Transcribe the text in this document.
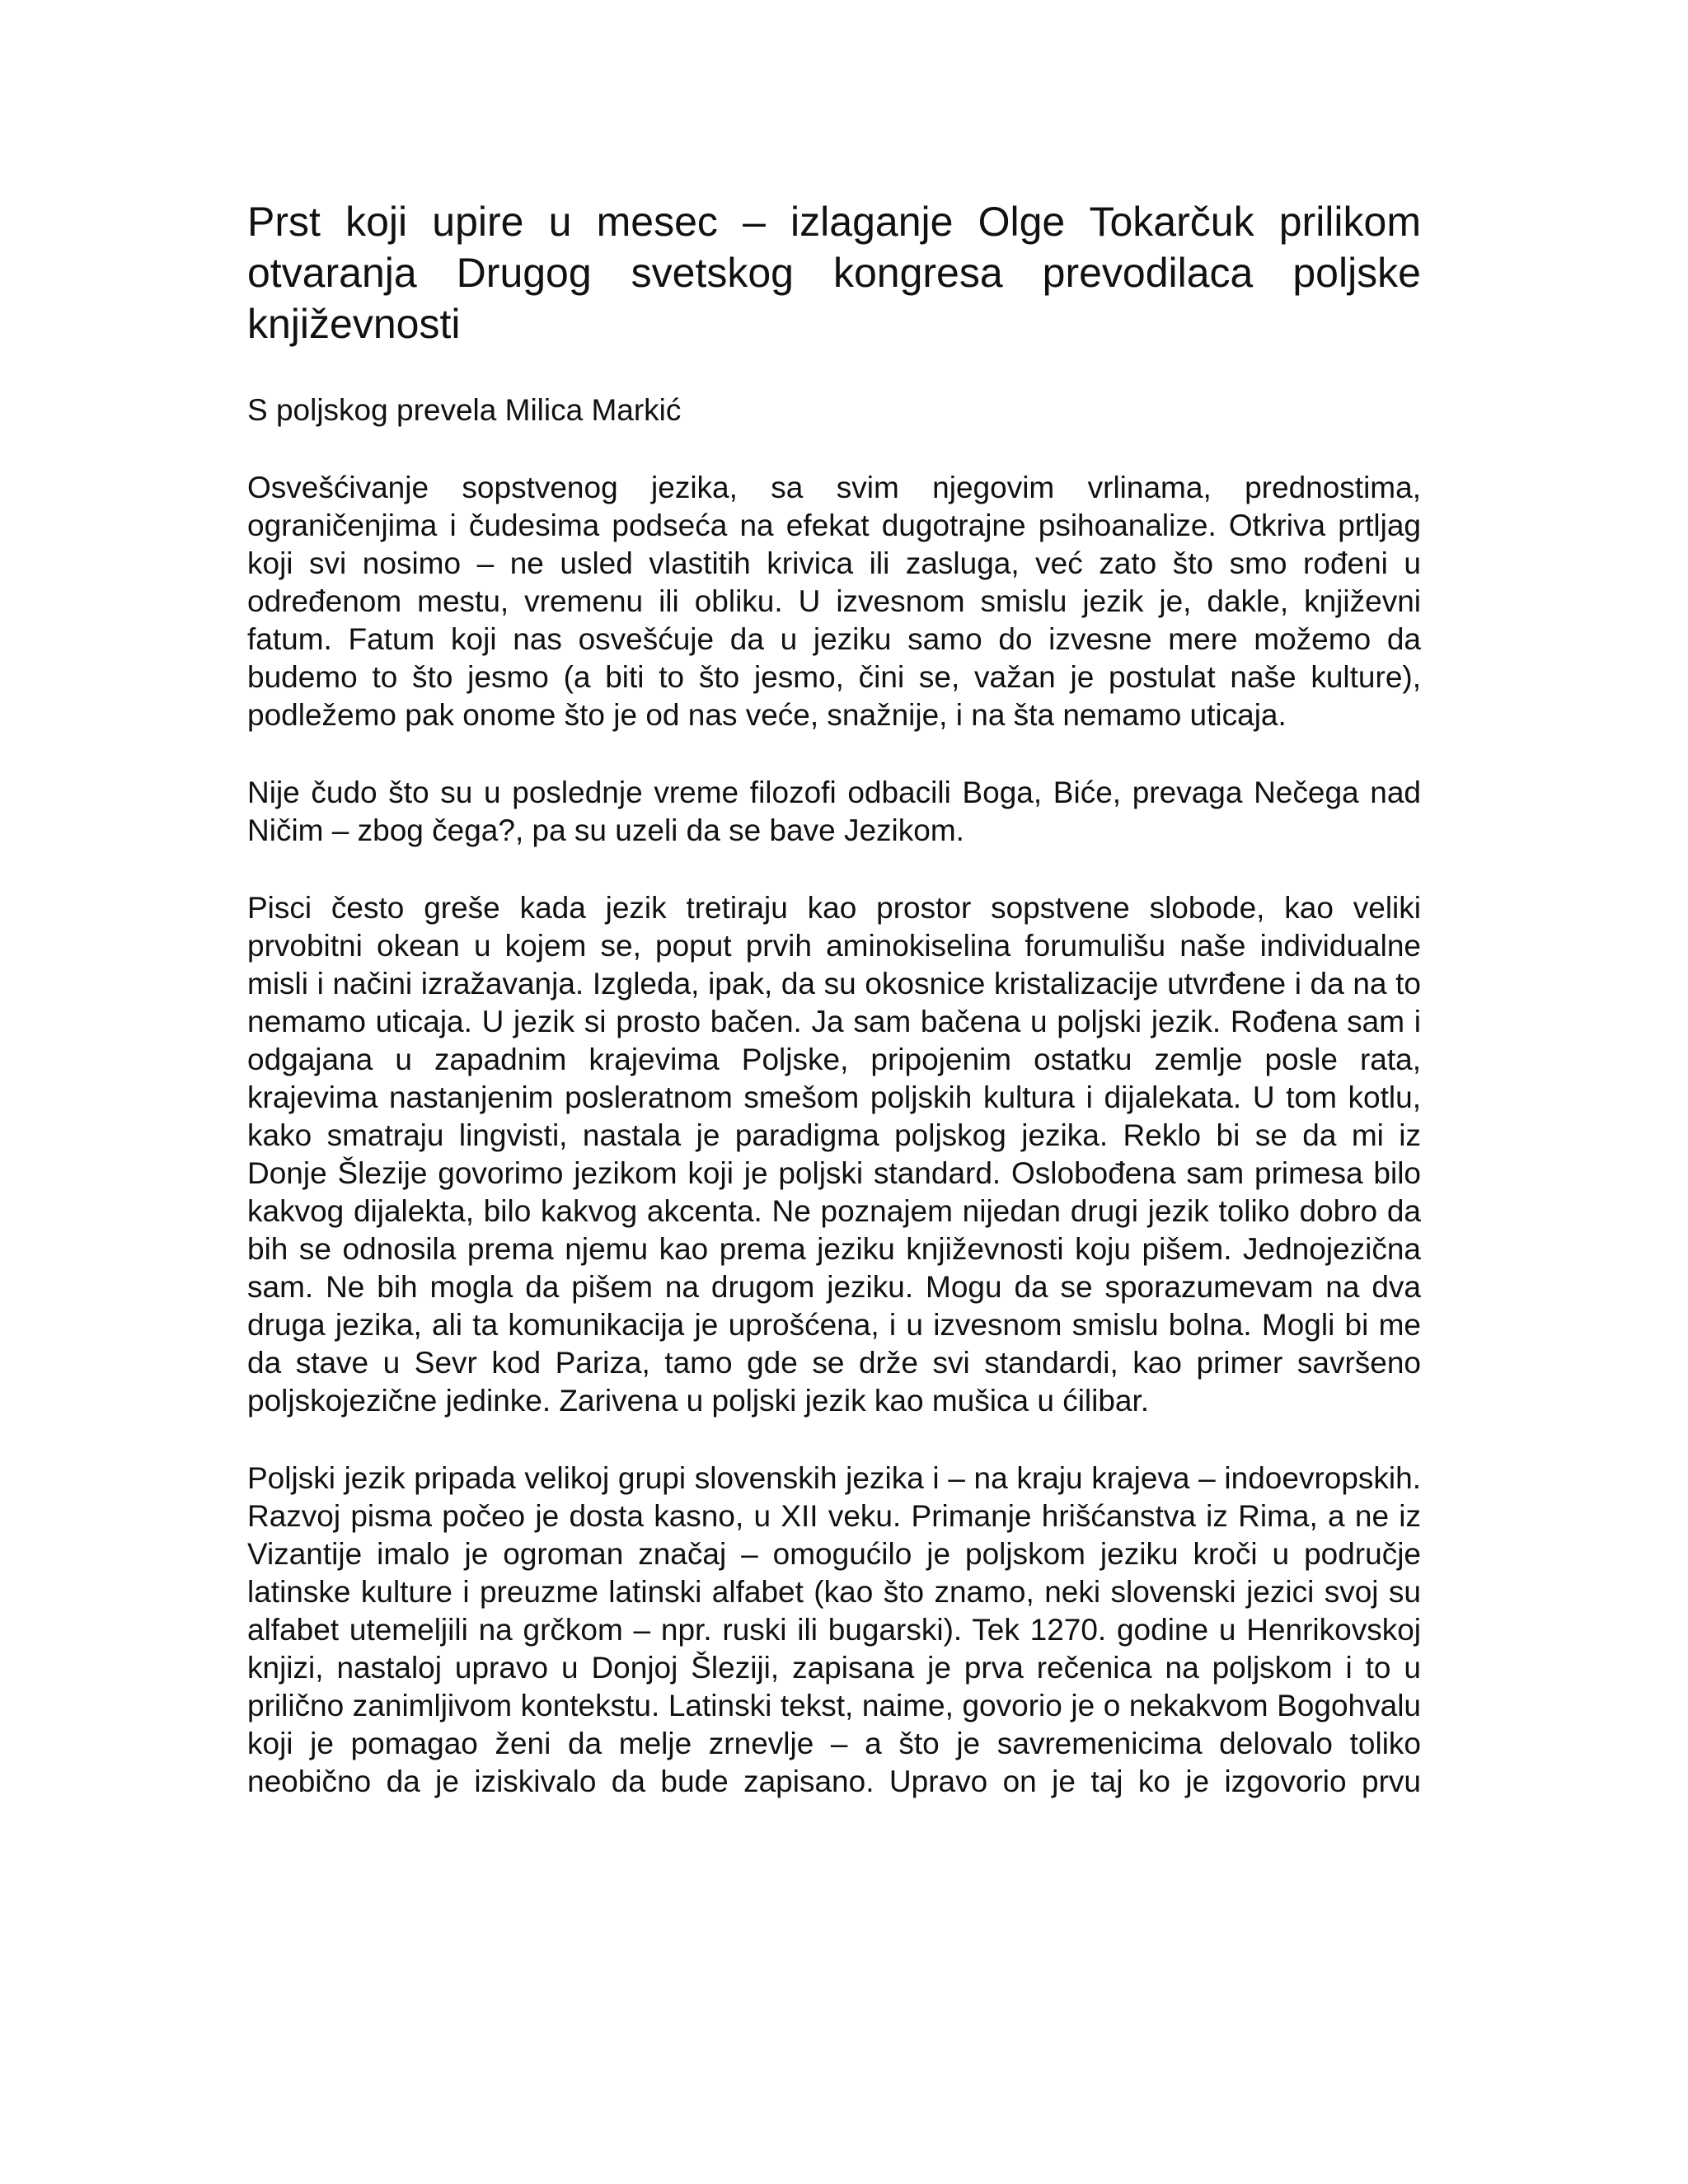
Prst koji upire u mesec – izlaganje Olge Tokarčuk prilikom otvaranja Drugog svetskog kongresa prevodilaca poljske književnosti

S poljskog prevela Milica Markić

Osvešćivanje sopstvenog jezika, sa svim njegovim vrlinama, prednostima, ograničenjima i čudesima podseća na efekat dugotrajne psihoanalize. Otkriva prtljag koji svi nosimo – ne usled vlastitih krivica ili zasluga, već zato što smo rođeni u određenom mestu, vremenu ili obliku. U izvesnom smislu jezik je, dakle, književni fatum. Fatum koji nas osvešćuje da u jeziku samo do izvesne mere možemo da budemo to što jesmo (a biti to što jesmo, čini se, važan je postulat naše kulture), podležemo pak onome što je od nas veće, snažnije, i na šta nemamo uticaja.

Nije čudo što su u poslednje vreme filozofi odbacili Boga, Biće, prevaga Nečega nad Ničim – zbog čega?, pa su uzeli da se bave Jezikom.

Pisci često greše kada jezik tretiraju kao prostor sopstvene slobode, kao veliki prvobitni okean u kojem se, poput prvih aminokiselina forumulišu naše individualne misli i načini izražavanja. Izgleda, ipak, da su okosnice kristalizacije utvrđene i da na to nemamo uticaja. U jezik si prosto bačen. Ja sam bačena u poljski jezik. Rođena sam i odgajana u zapadnim krajevima Poljske, pripojenim ostatku zemlje posle rata, krajevima nastanjenim posleratnom smešom poljskih kultura i dijalekata. U tom kotlu, kako smatraju lingvisti, nastala je paradigma poljskog jezika. Reklo bi se da mi iz Donje Šlezije govorimo jezikom koji je poljski standard. Oslobođena sam primesa bilo kakvog dijalekta, bilo kakvog akcenta. Ne poznajem nijedan drugi jezik toliko dobro da bih se odnosila prema njemu kao prema jeziku književnosti koju pišem. Jednojezična sam. Ne bih mogla da pišem na drugom jeziku. Mogu da se sporazumevam na dva druga jezika, ali ta komunikacija je uprošćena, i u izvesnom smislu bolna. Mogli bi me da stave u Sevr kod Pariza, tamo gde se drže svi standardi, kao primer savršeno poljskojezične jedinke. Zarivena u poljski jezik kao mušica u ćilibar.

Poljski jezik pripada velikoj grupi slovenskih jezika i – na kraju krajeva – indoevropskih. Razvoj pisma počeo je dosta kasno, u XII veku. Primanje hrišćanstva iz Rima, a ne iz Vizantije imalo je ogroman značaj – omogućilo je poljskom jeziku kroči u područje latinske kulture i preuzme latinski alfabet (kao što znamo, neki slovenski jezici svoj su alfabet utemeljili na grčkom – npr. ruski ili bugarski). Tek 1270. godine u Henrikovskoj knjizi, nastaloj upravo u Donjoj Šleziji, zapisana je prva rečenica na poljskom i to u prilično zanimljivom kontekstu. Latinski tekst, naime, govorio je o nekakvom Bogohvalu koji je pomagao ženi da melje zrnevlje – a što je savremenicima delovalo toliko neobično da je iziskivalo da bude zapisano. Upravo on je taj ko je izgovorio prvu
